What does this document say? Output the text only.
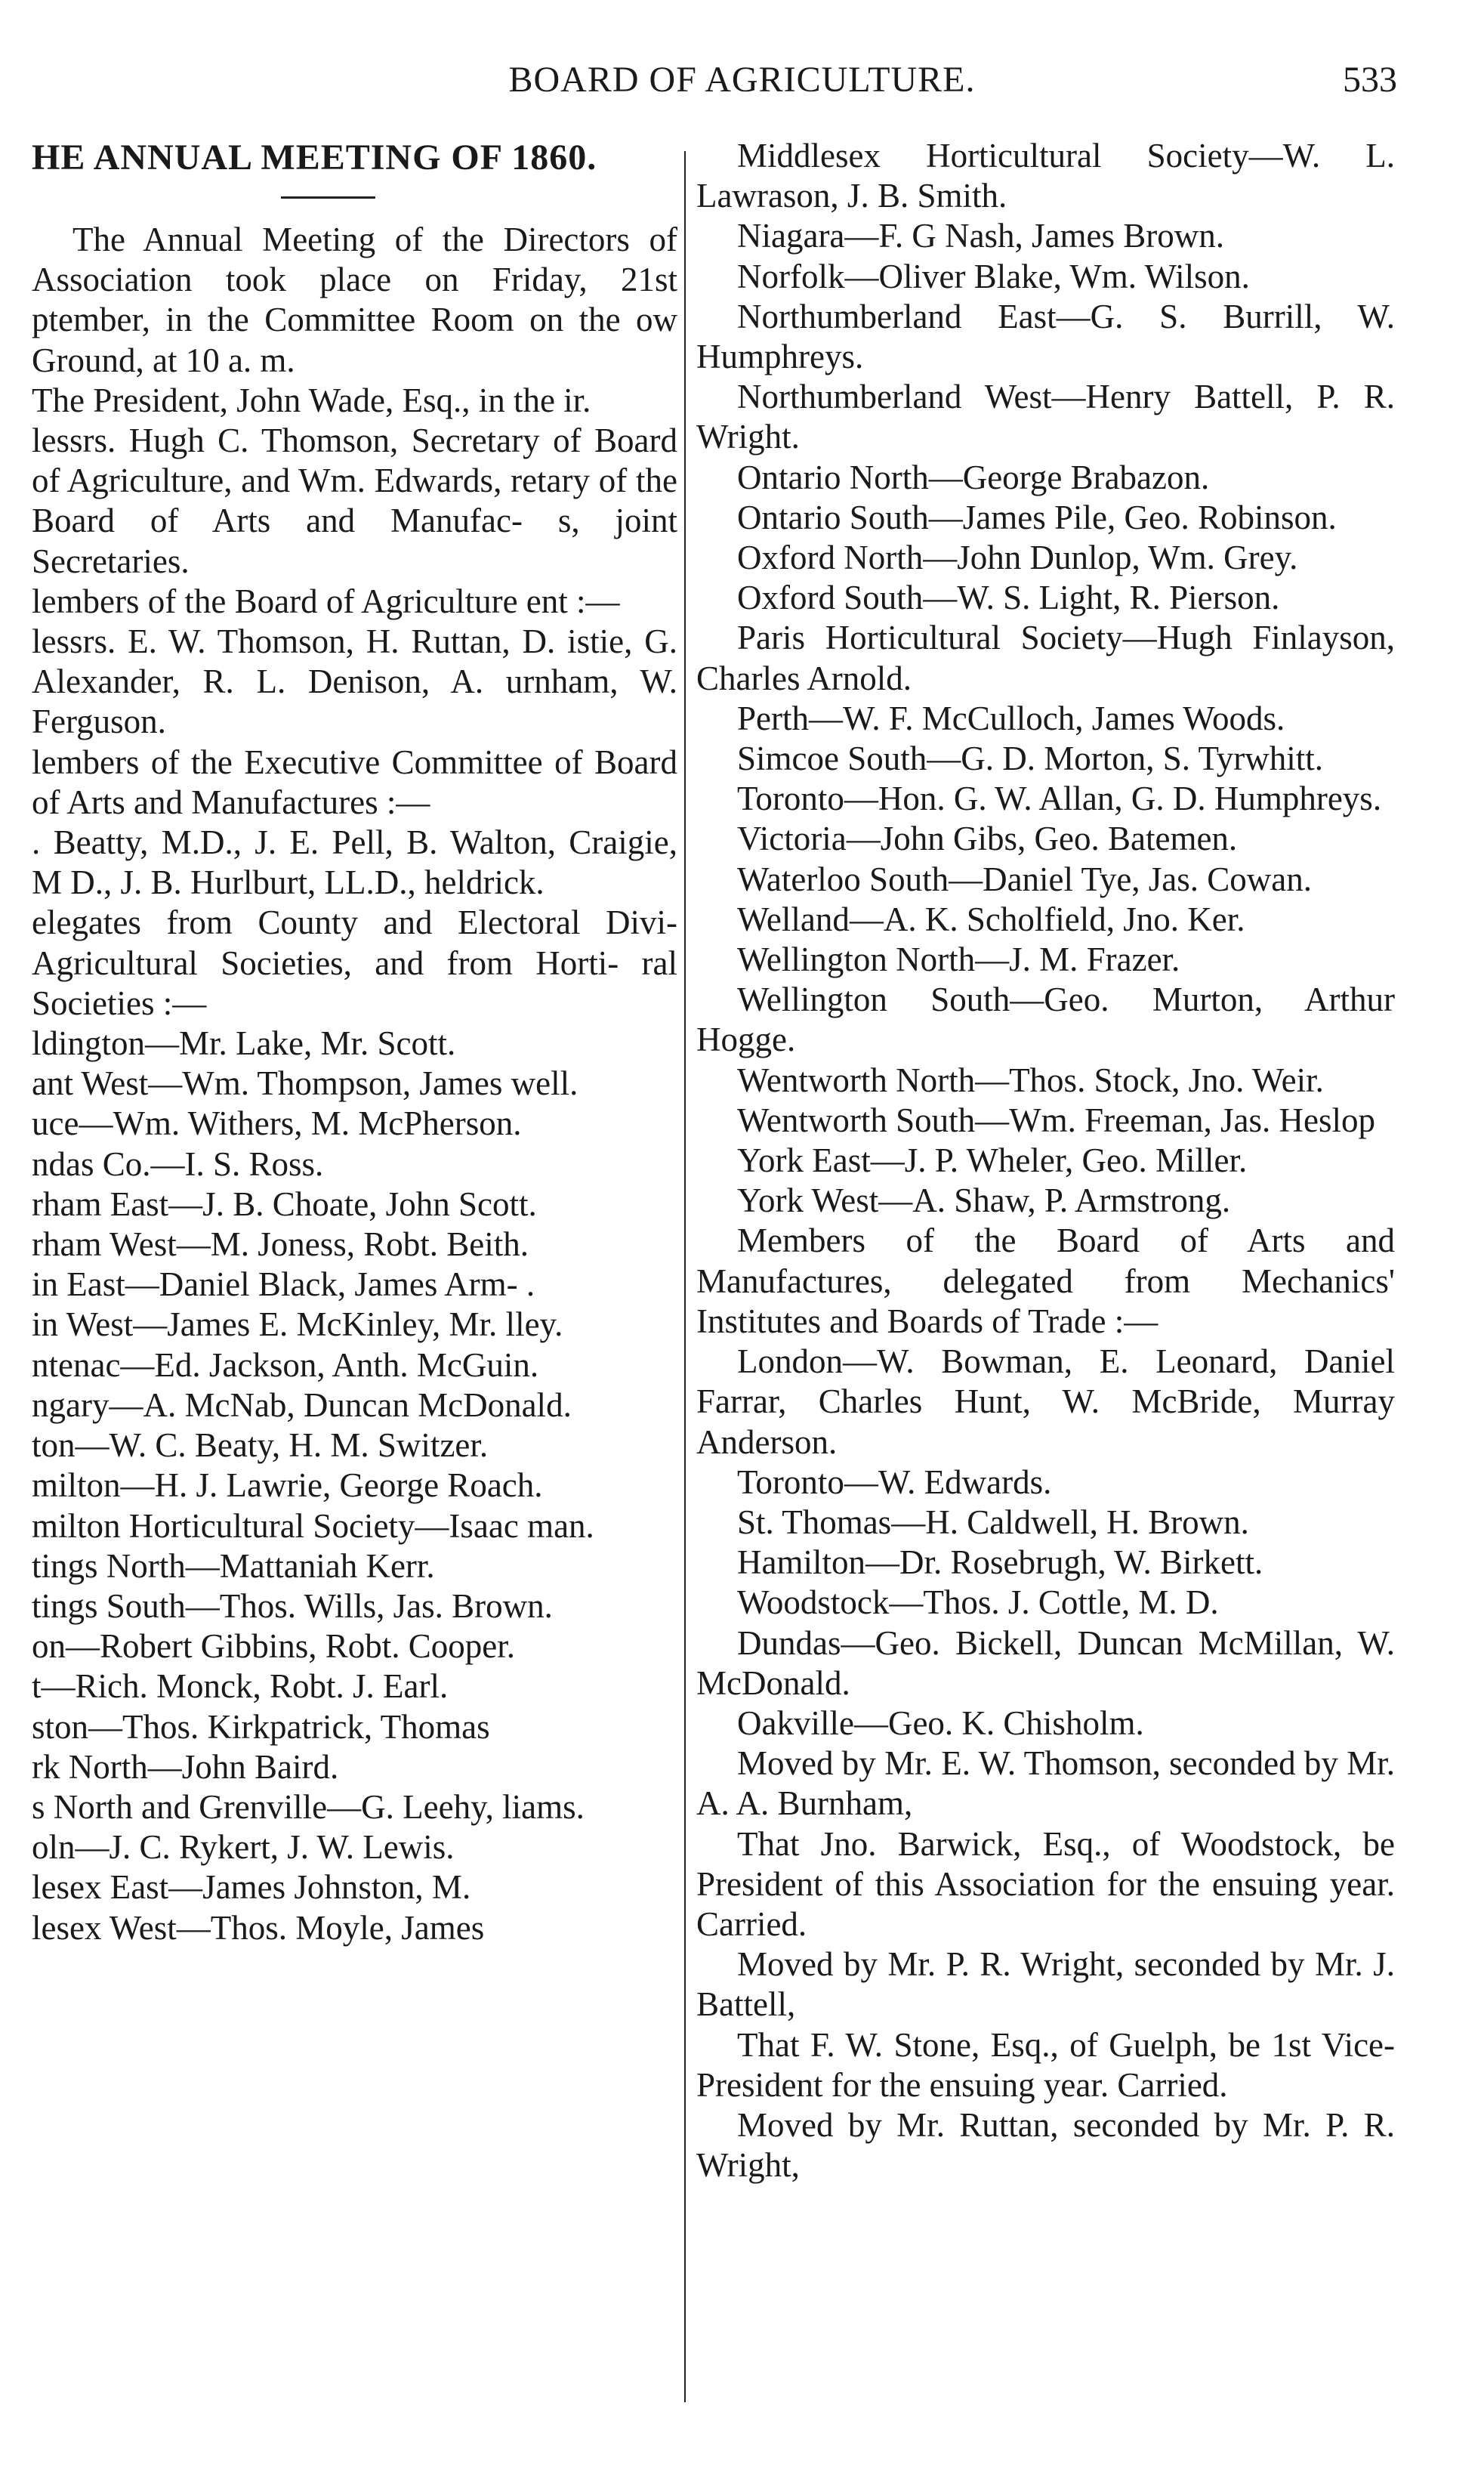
BOARD OF AGRICULTURE.	533
HE ANNUAL MEETING OF 1860.

The Annual Meeting of the Directors of Association took place on Friday, 21st ptember, in the Committee Room on the ow Ground, at 10 a. m.

The President, John Wade, Esq., in the ir.

lessrs. Hugh C. Thomson, Secretary of Board of Agriculture, and Wm. Edwards, retary of the Board of Arts and Manufac- s, joint Secretaries.

lembers of the Board of Agriculture ent :—

lessrs. E. W. Thomson, H. Ruttan, D. istie, G. Alexander, R. L. Denison, A. urnham, W. Ferguson.

lembers of the Executive Committee of Board of Arts and Manufactures :—

. Beatty, M.D., J. E. Pell, B. Walton, Craigie, M D., J. B. Hurlburt, LL.D., heldrick.

elegates from County and Electoral Divi- Agricultural Societies, and from Horti- ral Societies :—

ldington—Mr. Lake, Mr. Scott.

ant West—Wm. Thompson, James well.

uce—Wm. Withers, M. McPherson.

ndas Co.—I. S. Ross.

rham East—J. B. Choate, John Scott.

rham West—M. Joness, Robt. Beith.

in East—Daniel Black, James Arm- .

in West—James E. McKinley, Mr. lley.

ntenac—Ed. Jackson, Anth. McGuin.

ngary—A. McNab, Duncan McDonald.

ton—W. C. Beaty, H. M. Switzer.

milton—H. J. Lawrie, George Roach.

milton Horticultural Society—Isaac man.

tings North—Mattaniah Kerr.

tings South—Thos. Wills, Jas. Brown.

on—Robert Gibbins, Robt. Cooper.

t—Rich. Monck, Robt. J. Earl.

ston—Thos. Kirkpatrick, Thomas

rk North—John Baird.

s North and Grenville—G. Leehy, liams.

oln—J. C. Rykert, J. W. Lewis.

lesex East—James Johnston, M.

lesex West—Thos. Moyle, James

Middlesex Horticultural Society—W. L. Lawrason, J. B. Smith.

Niagara—F. G Nash, James Brown.

Norfolk—Oliver Blake, Wm. Wilson.

Northumberland East—G. S. Burrill, W. Humphreys.

Northumberland West—Henry Battell, P. R. Wright.

Ontario North—George Brabazon.

Ontario South—James Pile, Geo. Robinson.

Oxford North—John Dunlop, Wm. Grey.

Oxford South—W. S. Light, R. Pierson.

Paris Horticultural Society—Hugh Finlayson, Charles Arnold.

Perth—W. F. McCulloch, James Woods.

Simcoe South—G. D. Morton, S. Tyrwhitt.

Toronto—Hon. G. W. Allan, G. D. Humphreys.

Victoria—John Gibs, Geo. Batemen.

Waterloo South—Daniel Tye, Jas. Cowan.

Welland—A. K. Scholfield, Jno. Ker.

Wellington North—J. M. Frazer.

Wellington South—Geo. Murton, Arthur Hogge.

Wentworth North—Thos. Stock, Jno. Weir.

Wentworth South—Wm. Freeman, Jas. Heslop

York East—J. P. Wheler, Geo. Miller.

York West—A. Shaw, P. Armstrong.

Members of the Board of Arts and Manufactures, delegated from Mechanics' Institutes and Boards of Trade :—

London—W. Bowman, E. Leonard, Daniel Farrar, Charles Hunt, W. McBride, Murray Anderson.

Toronto—W. Edwards.

St. Thomas—H. Caldwell, H. Brown.

Hamilton—Dr. Rosebrugh, W. Birkett.

Woodstock—Thos. J. Cottle, M. D.

Dundas—Geo. Bickell, Duncan McMillan, W. McDonald.

Oakville—Geo. K. Chisholm.

Moved by Mr. E. W. Thomson, seconded by Mr. A. A. Burnham,

That Jno. Barwick, Esq., of Woodstock, be President of this Association for the ensuing year. Carried.

Moved by Mr. P. R. Wright, seconded by Mr. J. Battell,

That F. W. Stone, Esq., of Guelph, be 1st Vice-President for the ensuing year. Carried.

Moved by Mr. Ruttan, seconded by Mr. P. R. Wright,
